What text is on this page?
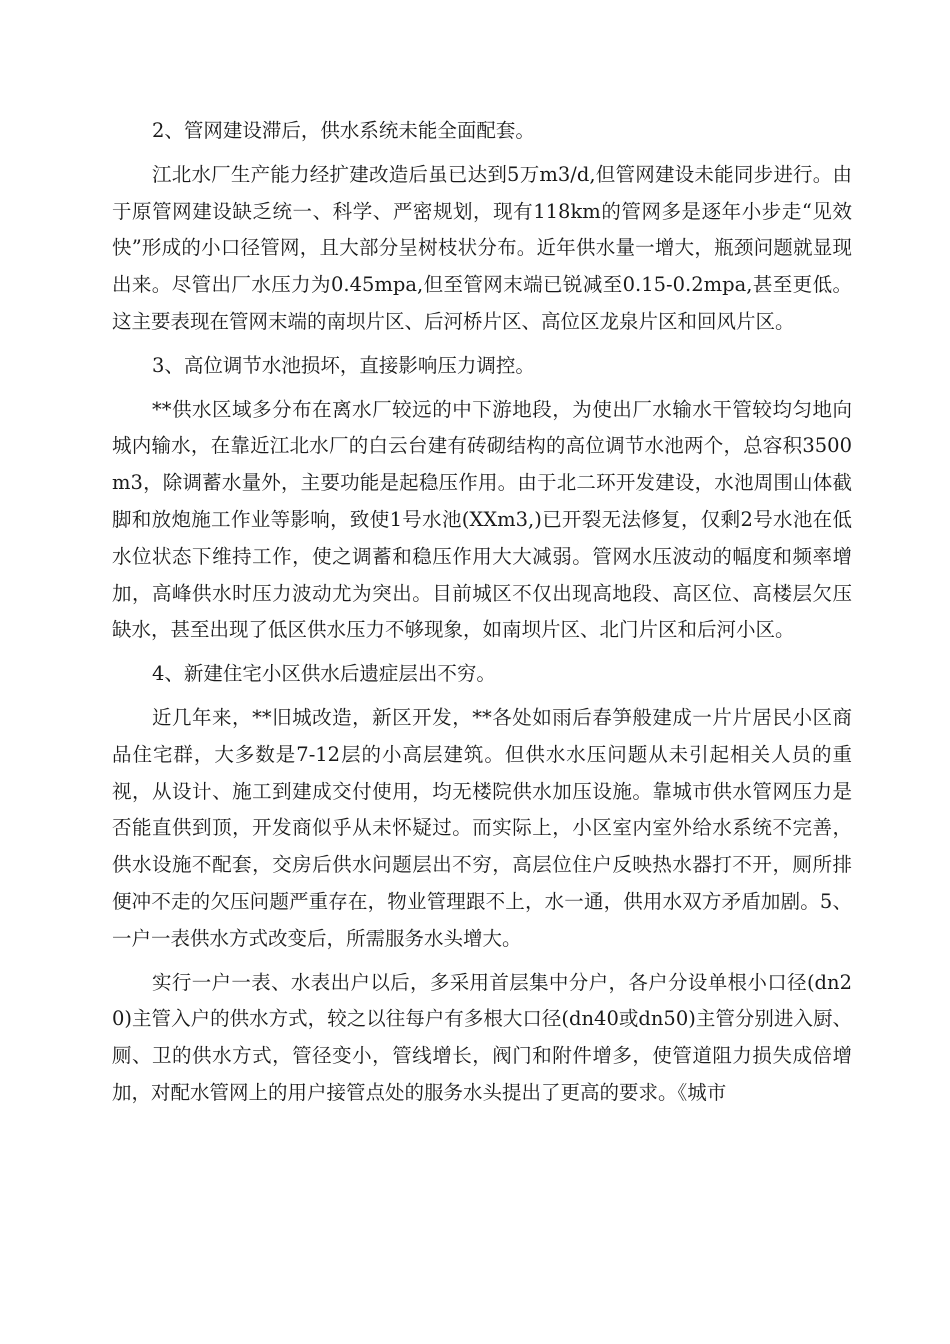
2、管网建设滞后，供水系统未能全面配套。

江北水厂生产能力经扩建改造后虽已达到5万m3/d,但管网建设未能同步进行。由于原管网建设缺乏统一、科学、严密规划，现有118km的管网多是逐年小步走“见效快”形成的小口径管网，且大部分呈树枝状分布。近年供水量一增大，瓶颈问题就显现出来。尽管出厂水压力为0.45mpa,但至管网末端已锐减至0.15-0.2mpa,甚至更低。这主要表现在管网末端的南坝片区、后河桥片区、高位区龙泉片区和回风片区。

3、高位调节水池损坏，直接影响压力调控。

**供水区域多分布在离水厂较远的中下游地段，为使出厂水输水干管较均匀地向城内输水，在靠近江北水厂的白云台建有砖砌结构的高位调节水池两个，总容积3500m3，除调蓄水量外，主要功能是起稳压作用。由于北二环开发建设，水池周围山体截脚和放炮施工作业等影响，致使1号水池(XXm3,)已开裂无法修复，仅剩2号水池在低水位状态下维持工作，使之调蓄和稳压作用大大减弱。管网水压波动的幅度和频率增加，高峰供水时压力波动尤为突出。目前城区不仅出现高地段、高区位、高楼层欠压缺水，甚至出现了低区供水压力不够现象，如南坝片区、北门片区和后河小区。

4、新建住宅小区供水后遗症层出不穷。

近几年来，**旧城改造，新区开发，**各处如雨后春笋般建成一片片居民小区商品住宅群，大多数是7-12层的小高层建筑。但供水水压问题从未引起相关人员的重视，从设计、施工到建成交付使用，均无楼院供水加压设施。靠城市供水管网压力是否能直供到顶，开发商似乎从未怀疑过。而实际上，小区室内室外给水系统不完善，供水设施不配套，交房后供水问题层出不穷，高层位住户反映热水器打不开，厕所排便冲不走的欠压问题严重存在，物业管理跟不上，水一通，供用水双方矛盾加剧。5、一户一表供水方式改变后，所需服务水头增大。

实行一户一表、水表出户以后，多采用首层集中分户，各户分设单根小口径(dn20)主管入户的供水方式，较之以往每户有多根大口径(dn40或dn50)主管分别进入厨、厕、卫的供水方式，管径变小，管线增长，阀门和附件增多，使管道阻力损失成倍增加，对配水管网上的用户接管点处的服务水头提出了更高的要求。《城市
